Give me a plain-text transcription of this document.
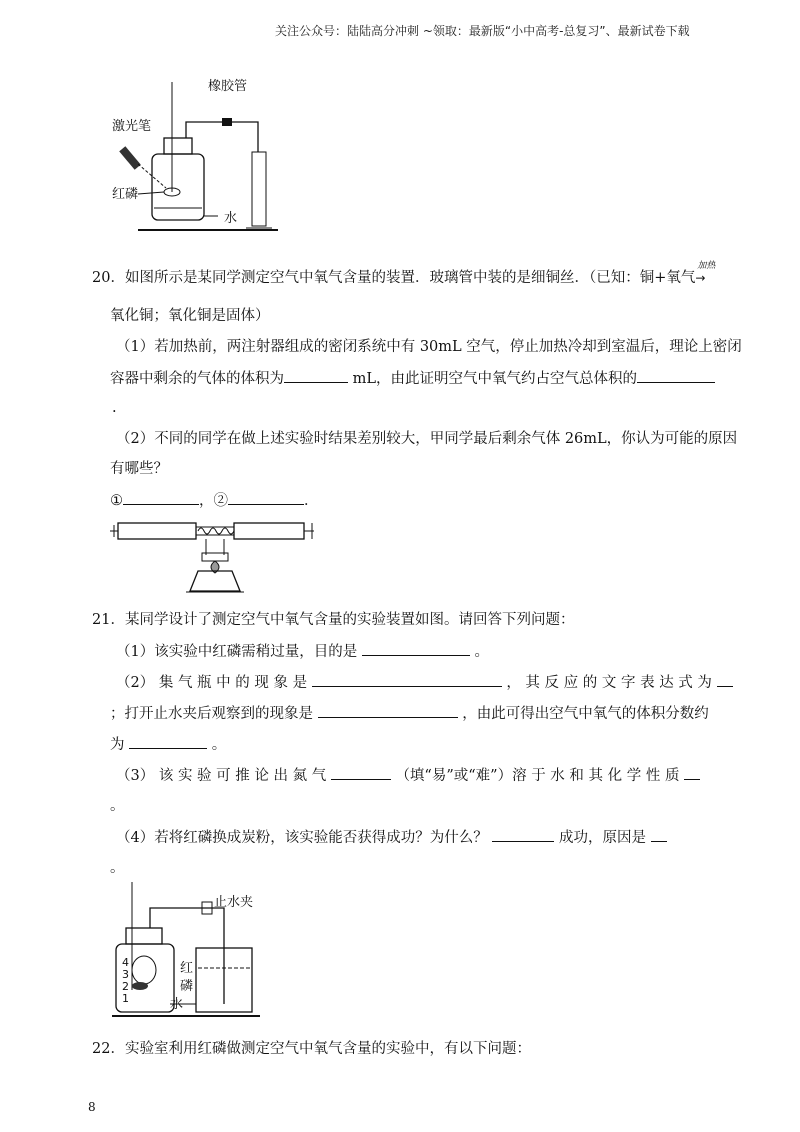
关注公众号：陆陆高分冲刺 ~领取：最新版“小中高考-总复习”、最新试卷下载
橡胶管
激光笔
红磷
水
20．如图所示是某同学测定空气中氧气含量的装置．玻璃管中装的是细铜丝．（已知：铜+氧气
加热
→
氧化铜；氧化铜是固体）
（1）若加热前，两注射器组成的密闭系统中有 30mL 空气，停止加热冷却到室温后，理论上密闭
容器中剩余的气体的体积为	mL，由此证明空气中氧气约占空气总体积的
.
（2）不同的同学在做上述实验时结果差别较大，甲同学最后剩余气体 26mL，你认为可能的原因
有哪些？
①	，②	．
21．某同学设计了测定空气中氧气含量的实验装置如图。请回答下列问题：
（1）该实验中红磷需稍过量，目的是	。
（2） 集 气 瓶 中 的 现 象 是	， 其 反 应 的 文 字 表 达 式 为
；打开止水夹后观察到的现象是	，由此可得出空气中氧气的体积分数约
为	。
（3） 该 实 验 可 推 论 出 氮 气	（填“易”或“难”）溶 于 水 和 其 化 学 性 质
。
（4）若将红磷换成炭粉，该实验能否获得成功？为什么？	成功，原因是
。
止水夹
红
磷
水
4
3
2
1
22．实验室利用红磷做测定空气中氧气含量的实验中，有以下问题：
8
